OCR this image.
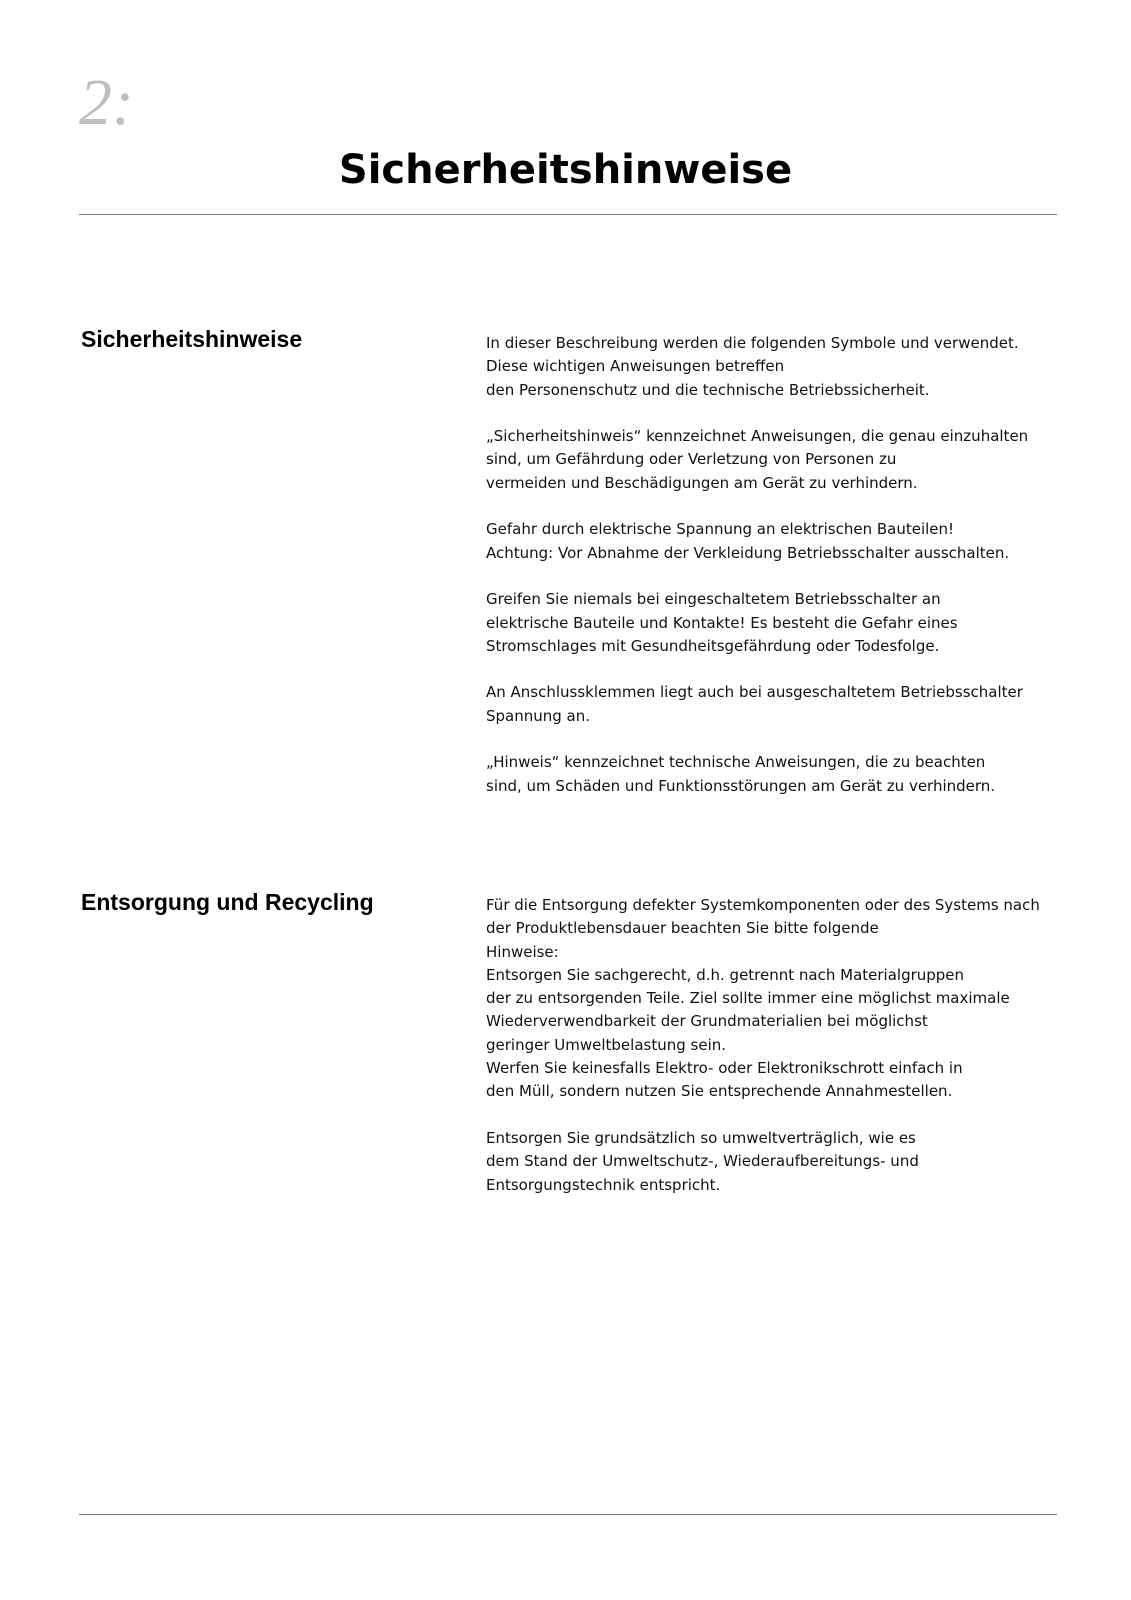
2:
Sicherheitshinweise
Sicherheitshinweise	In dieser Beschreibung werden die folgenden Symbole und verwendet.
Diese wichtigen Anweisungen betreffen
den Personenschutz und die technische Betriebssicherheit.

„Sicherheitshinweis“ kennzeichnet Anweisungen, die genau einzuhalten
sind, um Gefährdung oder Verletzung von Personen zu
vermeiden und Beschädigungen am Gerät zu verhindern.

Gefahr durch elektrische Spannung an elektrischen Bauteilen!
Achtung: Vor Abnahme der Verkleidung Betriebsschalter ausschalten.

Greifen Sie niemals bei eingeschaltetem Betriebsschalter an
elektrische Bauteile und Kontakte! Es besteht die Gefahr eines
Stromschlages mit Gesundheitsgefährdung oder Todesfolge.

An Anschlussklemmen liegt auch bei ausgeschaltetem Betriebsschalter
Spannung an.

„Hinweis“ kennzeichnet technische Anweisungen, die zu beachten
sind, um Schäden und Funktionsstörungen am Gerät zu verhindern.

Entsorgung und Recycling	Für die Entsorgung defekter Systemkomponenten oder des Systems nach
der Produktlebensdauer beachten Sie bitte folgende
Hinweise:
Entsorgen Sie sachgerecht, d.h. getrennt nach Materialgruppen
der zu entsorgenden Teile. Ziel sollte immer eine möglichst maximale
Wiederverwendbarkeit der Grundmaterialien bei möglichst
geringer Umweltbelastung sein.
Werfen Sie keinesfalls Elektro- oder Elektronikschrott einfach in
den Müll, sondern nutzen Sie entsprechende Annahmestellen.

Entsorgen Sie grundsätzlich so umweltverträglich, wie es
dem Stand der Umweltschutz-, Wiederaufbereitungs- und
Entsorgungstechnik entspricht.
